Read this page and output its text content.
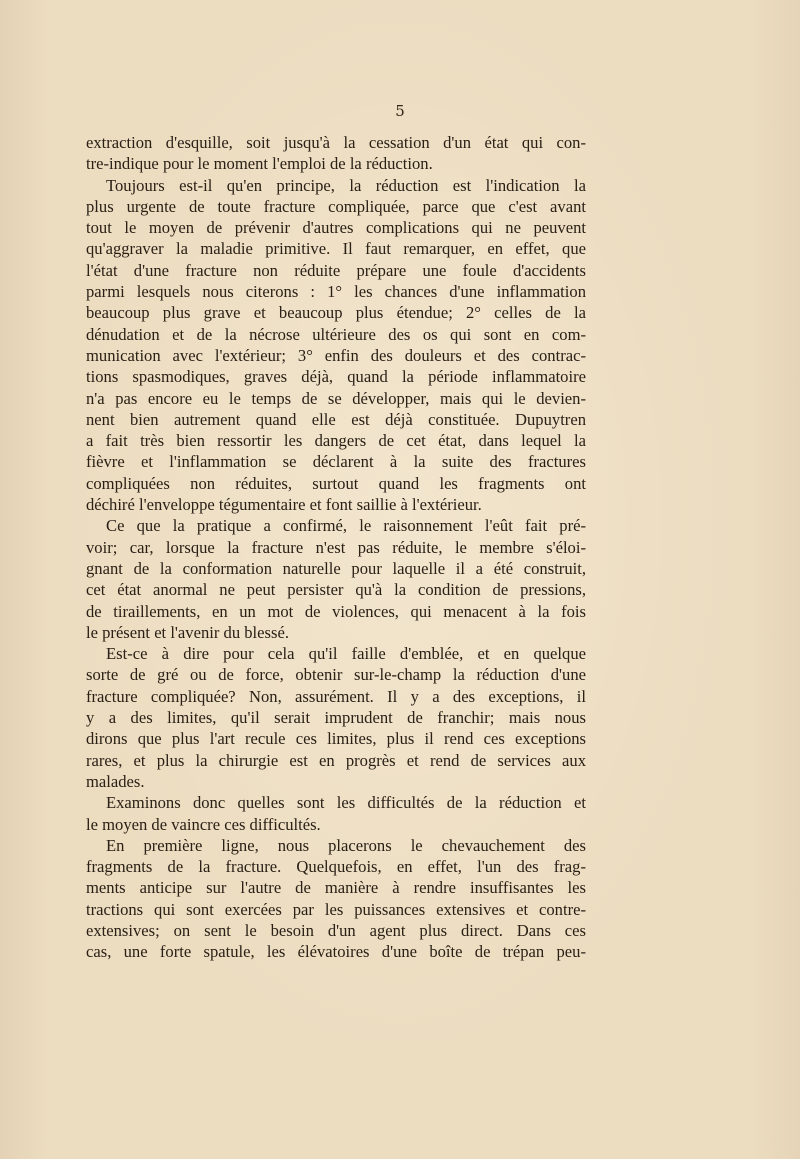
5
extraction d'esquille, soit jusqu'à la cessation d'un état qui con-
tre-indique pour le moment l'emploi de la réduction.
Toujours est-il qu'en principe, la réduction est l'indication la
plus urgente de toute fracture compliquée, parce que c'est avant
tout le moyen de prévenir d'autres complications qui ne peuvent
qu'aggraver la maladie primitive. Il faut remarquer, en effet, que
l'état d'une fracture non réduite prépare une foule d'accidents
parmi lesquels nous citerons : 1° les chances d'une inflammation
beaucoup plus grave et beaucoup plus étendue; 2° celles de la
dénudation et de la nécrose ultérieure des os qui sont en com-
munication avec l'extérieur; 3° enfin des douleurs et des contrac-
tions spasmodiques, graves déjà, quand la période inflammatoire
n'a pas encore eu le temps de se développer, mais qui le devien-
nent bien autrement quand elle est déjà constituée. Dupuytren
a fait très bien ressortir les dangers de cet état, dans lequel la
fièvre et l'inflammation se déclarent à la suite des fractures
compliquées non réduites, surtout quand les fragments ont
déchiré l'enveloppe tégumentaire et font saillie à l'extérieur.
Ce que la pratique a confirmé, le raisonnement l'eût fait pré-
voir; car, lorsque la fracture n'est pas réduite, le membre s'éloi-
gnant de la conformation naturelle pour laquelle il a été construit,
cet état anormal ne peut persister qu'à la condition de pressions,
de tiraillements, en un mot de violences, qui menacent à la fois
le présent et l'avenir du blessé.
Est-ce à dire pour cela qu'il faille d'emblée, et en quelque
sorte de gré ou de force, obtenir sur-le-champ la réduction d'une
fracture compliquée? Non, assurément. Il y a des exceptions, il
y a des limites, qu'il serait imprudent de franchir; mais nous
dirons que plus l'art recule ces limites, plus il rend ces exceptions
rares, et plus la chirurgie est en progrès et rend de services aux
malades.
Examinons donc quelles sont les difficultés de la réduction et
le moyen de vaincre ces difficultés.
En première ligne, nous placerons le chevauchement des
fragments de la fracture. Quelquefois, en effet, l'un des frag-
ments anticipe sur l'autre de manière à rendre insuffisantes les
tractions qui sont exercées par les puissances extensives et contre-
extensives; on sent le besoin d'un agent plus direct. Dans ces
cas, une forte spatule, les élévatoires d'une boîte de trépan peu-
